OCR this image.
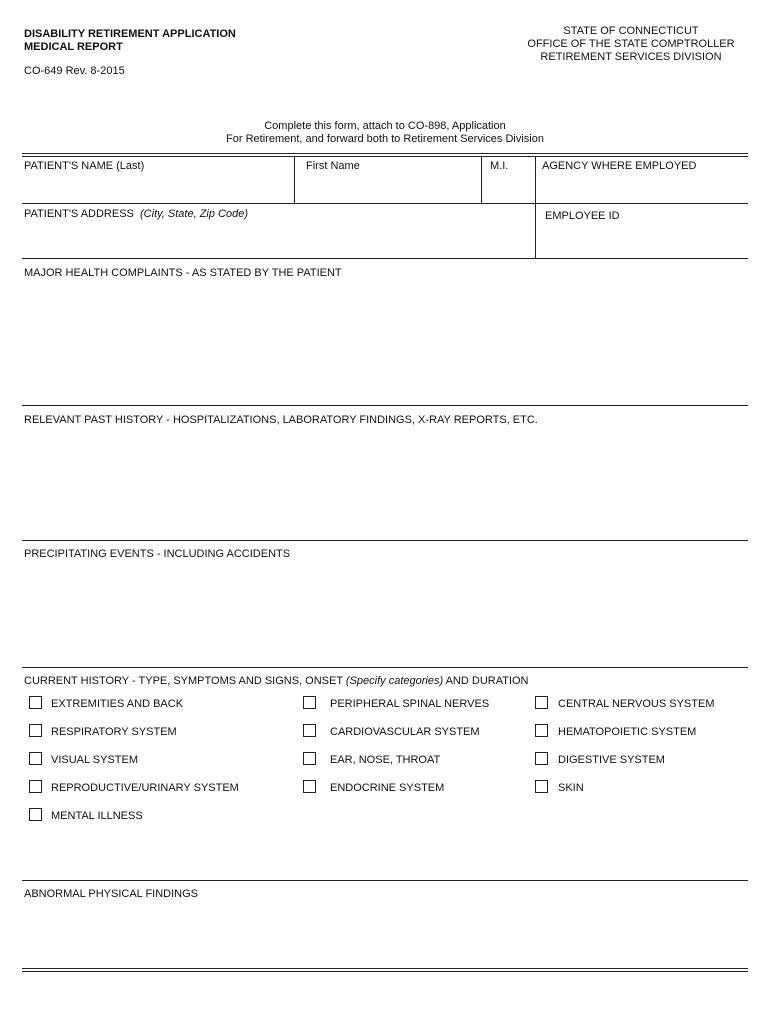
DISABILITY RETIREMENT APPLICATION
MEDICAL REPORT
CO-649 Rev. 8-2015
STATE OF CONNECTICUT
OFFICE OF THE STATE COMPTROLLER
RETIREMENT SERVICES DIVISION
Complete this form, attach to CO-898, Application
For Retirement, and forward both to Retirement Services Division
PATIENT'S NAME (Last)	First Name	M.I.	AGENCY WHERE EMPLOYED
PATIENT'S ADDRESS (City, State, Zip Code)	EMPLOYEE ID
MAJOR HEALTH COMPLAINTS - AS STATED BY THE PATIENT
RELEVANT PAST HISTORY - HOSPITALIZATIONS, LABORATORY FINDINGS, X-RAY REPORTS, ETC.
PRECIPITATING EVENTS - INCLUDING ACCIDENTS
CURRENT HISTORY - TYPE, SYMPTOMS AND SIGNS, ONSET (Specify categories) AND DURATION
EXTREMITIES AND BACK	PERIPHERAL SPINAL NERVES	CENTRAL NERVOUS SYSTEM
RESPIRATORY SYSTEM	CARDIOVASCULAR SYSTEM	HEMATOPOIETIC SYSTEM
VISUAL SYSTEM	EAR, NOSE, THROAT	DIGESTIVE SYSTEM
REPRODUCTIVE/URINARY SYSTEM	ENDOCRINE SYSTEM	SKIN
MENTAL ILLNESS
ABNORMAL PHYSICAL FINDINGS
